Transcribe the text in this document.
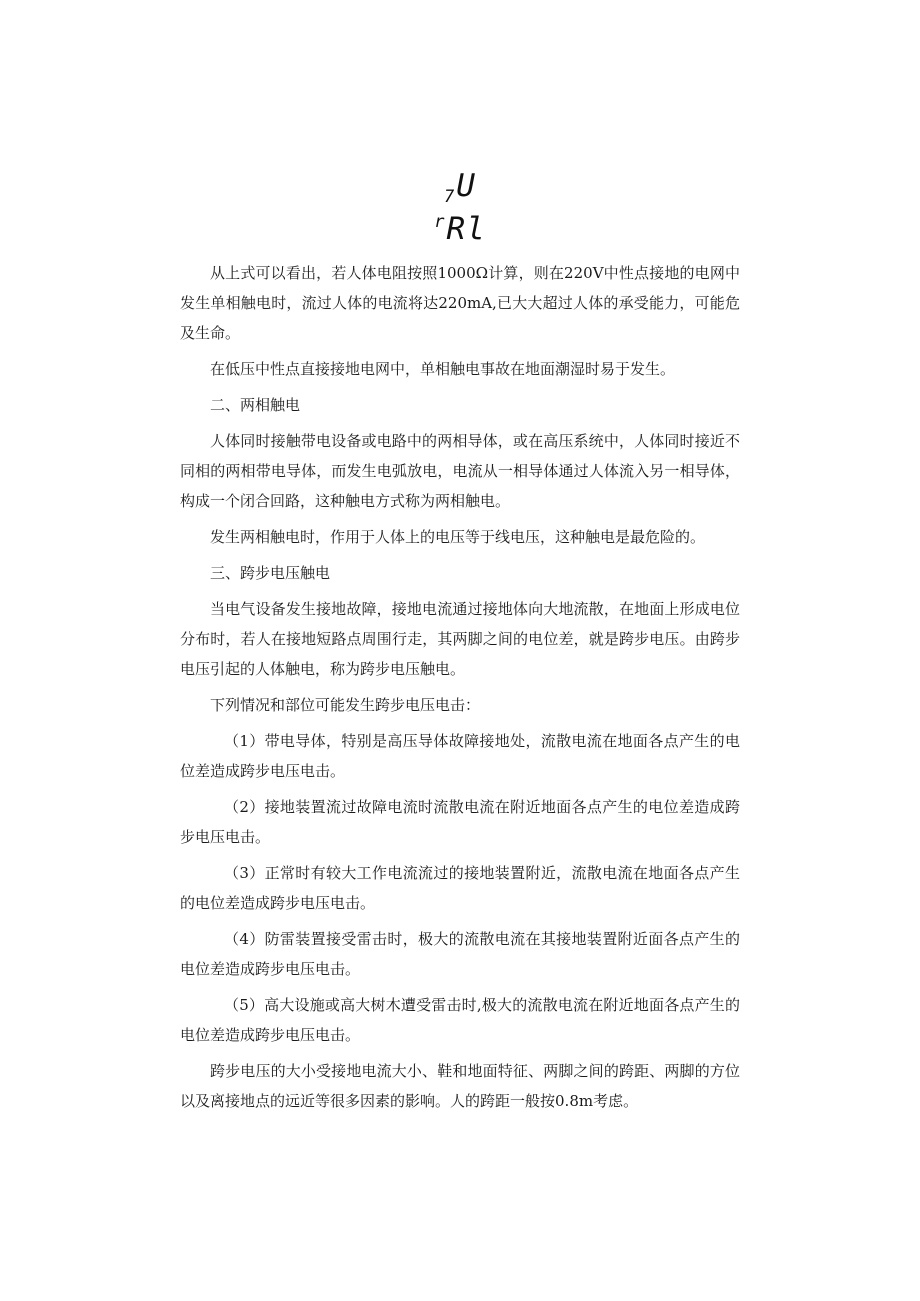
7U
rRl

从上式可以看出，若人体电阻按照1000Ω计算，则在220V中性点接地的电网中发生单相触电时，流过人体的电流将达220mA,已大大超过人体的承受能力，可能危及生命。

在低压中性点直接接地电网中，单相触电事故在地面潮湿时易于发生。

二、两相触电

人体同时接触带电设备或电路中的两相导体，或在高压系统中，人体同时接近不同相的两相带电导体，而发生电弧放电，电流从一相导体通过人体流入另一相导体，构成一个闭合回路，这种触电方式称为两相触电。

发生两相触电时，作用于人体上的电压等于线电压，这种触电是最危险的。

三、跨步电压触电

当电气设备发生接地故障，接地电流通过接地体向大地流散，在地面上形成电位分布时，若人在接地短路点周围行走，其两脚之间的电位差，就是跨步电压。由跨步电压引起的人体触电，称为跨步电压触电。

下列情况和部位可能发生跨步电压电击：

（1）带电导体，特别是高压导体故障接地处，流散电流在地面各点产生的电位差造成跨步电压电击。

（2）接地装置流过故障电流时流散电流在附近地面各点产生的电位差造成跨步电压电击。

（3）正常时有较大工作电流流过的接地装置附近，流散电流在地面各点产生的电位差造成跨步电压电击。

（4）防雷装置接受雷击时，极大的流散电流在其接地装置附近面各点产生的电位差造成跨步电压电击。

（5）高大设施或高大树木遭受雷击时,极大的流散电流在附近地面各点产生的电位差造成跨步电压电击。

跨步电压的大小受接地电流大小、鞋和地面特征、两脚之间的跨距、两脚的方位以及离接地点的远近等很多因素的影响。人的跨距一般按0.8m考虑。
